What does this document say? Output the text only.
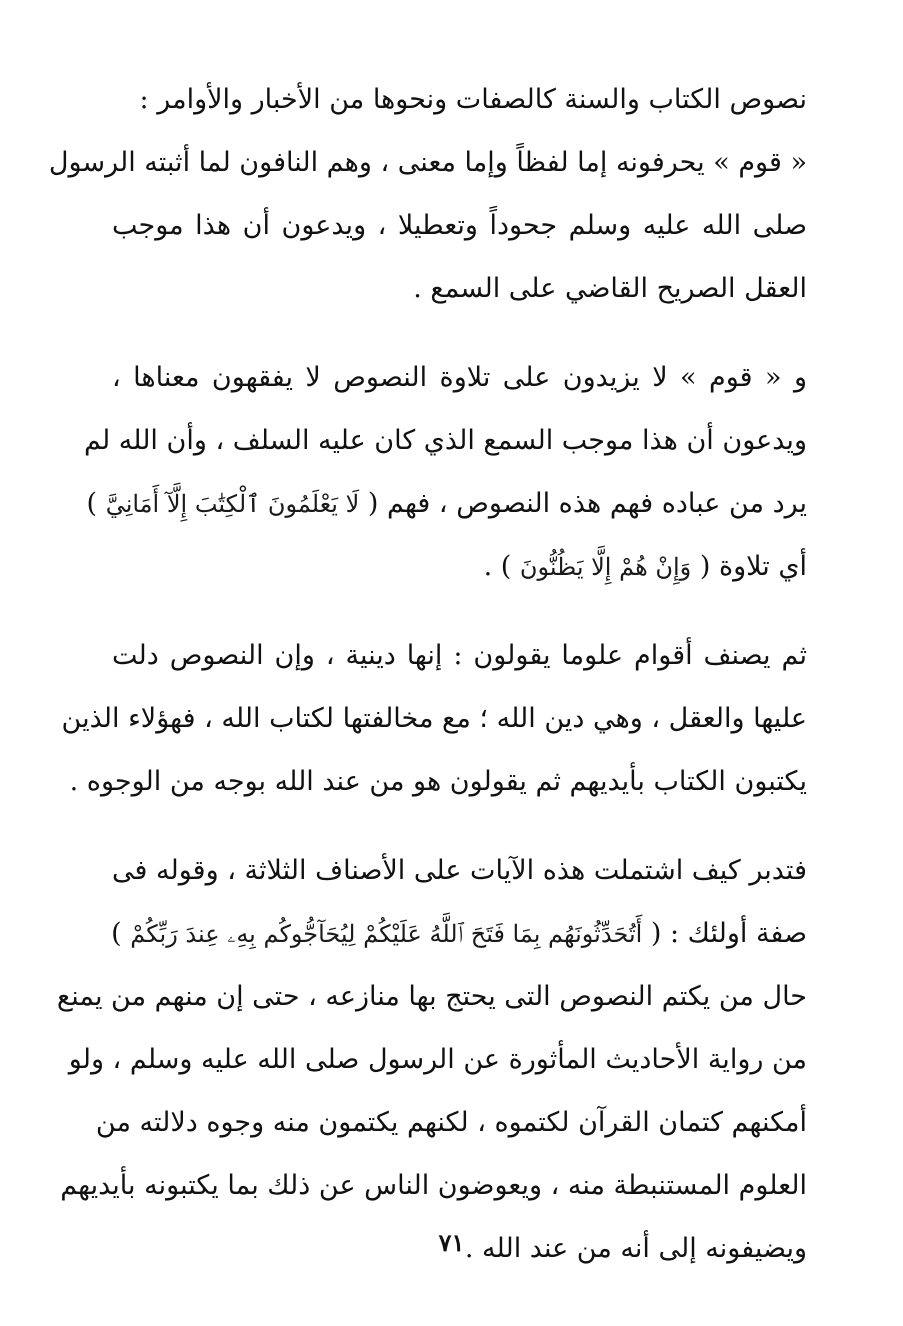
نصوص الكتاب والسنة كالصفات ونحوها من الأخبار والأوامر :
« قوم » يحرفونه إما لفظاً وإما معنى ، وهم النافون لما أثبته الرسول
صلى الله عليه وسلم جحوداً وتعطيلا ، ويدعون أن هذا موجب
العقل الصريح القاضي على السمع .
و « قوم » لا يزيدون على تلاوة النصوص لا يفقهون معناها ،
ويدعون أن هذا موجب السمع الذي كان عليه السلف ، وأن الله لم
يرد من عباده فهم هذه النصوص ، فهم ( لَا يَعْلَمُونَ ٱلْكِتَٰبَ إِلَّآ أَمَانِيَّ )
أي تلاوة ( وَإِنْ هُمْ إِلَّا يَظُنُّونَ ) .
ثم يصنف أقوام علوما يقولون : إنها دينية ، وإن النصوص دلت
عليها والعقل ، وهي دين الله ؛ مع مخالفتها لكتاب الله ، فهؤلاء الذين
يكتبون الكتاب بأيديهم ثم يقولون هو من عند الله بوجه من الوجوه .
فتدبر كيف اشتملت هذه الآيات على الأصناف الثلاثة ، وقوله فى
صفة أولئك : ( أَتُحَدِّثُونَهُم بِمَا فَتَحَ ٱللَّهُ عَلَيْكُمْ لِيُحَآجُّوكُم بِهِۦ عِندَ رَبِّكُمْ )
حال من يكتم النصوص التى يحتج بها منازعه ، حتى إن منهم من يمنع
من رواية الأحاديث المأثورة عن الرسول صلى الله عليه وسلم ، ولو
أمكنهم كتمان القرآن لكتموه ، لكنهم يكتمون منه وجوه دلالته من
العلوم المستنبطة منه ، ويعوضون الناس عن ذلك بما يكتبونه بأيديهم
ويضيفونه إلى أنه من عند الله .
٧١
